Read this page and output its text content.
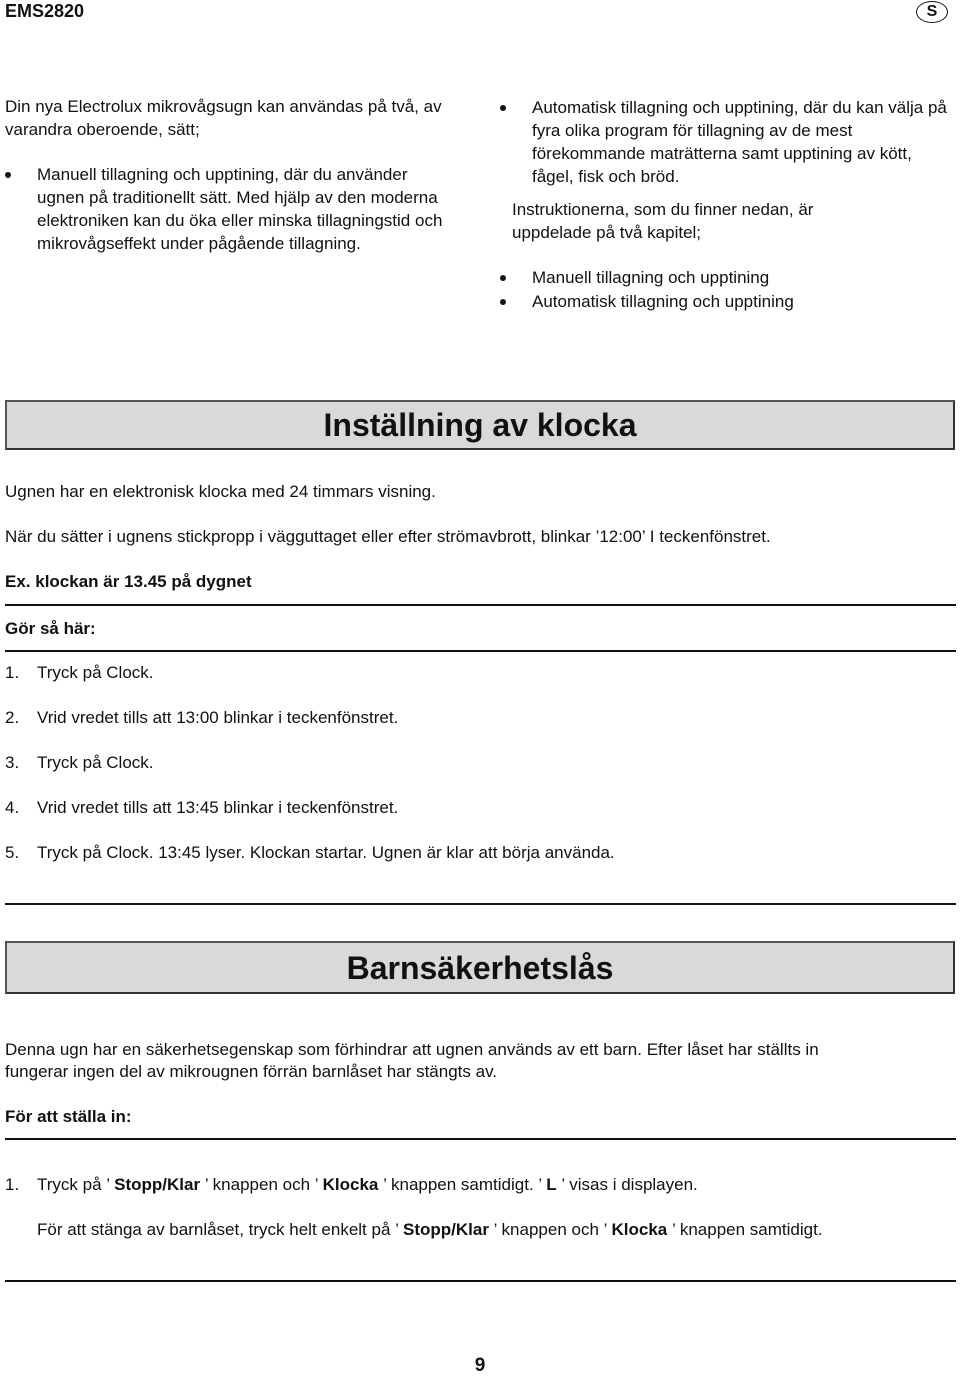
EMS2820	S

Din nya Electrolux mikrovågsugn kan användas på två, av varandra oberoende, sätt;

Manuell tillagning och upptining, där du använder ugnen på traditionellt sätt. Med hjälp av den moderna elektroniken kan du öka eller minska tillagningstid och mikrovågseffekt under pågående tillagning.
Automatisk tillagning och upptining, där du kan välja på fyra olika program för tillagning av de mest förekommande maträtterna samt upptining av kött, fågel, fisk och bröd.

Instruktionerna, som du finner nedan, är uppdelade på två kapitel;

Manuell tillagning och upptining
Automatisk tillagning och upptining
Inställning av klocka
Ugnen har en elektronisk klocka med 24 timmars visning.
När du sätter i ugnens stickpropp i vägguttaget eller efter strömavbrott, blinkar ’12:00’ I teckenfönstret.
Ex. klockan är 13.45 på dygnet
Gör så här:
1. Tryck på Clock.
2. Vrid vredet tills att 13:00 blinkar i teckenfönstret.
3. Tryck på Clock.
4. Vrid vredet tills att 13:45 blinkar i teckenfönstret.
5. Tryck på Clock. 13:45 lyser. Klockan startar. Ugnen är klar att börja använda.
Barnsäkerhetslås
Denna ugn har en säkerhetsegenskap som förhindrar att ugnen används av ett barn. Efter låset har ställts in
fungerar ingen del av mikrougnen förrän barnlåset har stängts av.
För att ställa in:
1. Tryck på ’ Stopp/Klar ’ knappen och ’ Klocka ’ knappen samtidigt. ’ L ’ visas i displayen.
För att stänga av barnlåset, tryck helt enkelt på ’ Stopp/Klar ’ knappen och ’ Klocka ’ knappen samtidigt.
9
